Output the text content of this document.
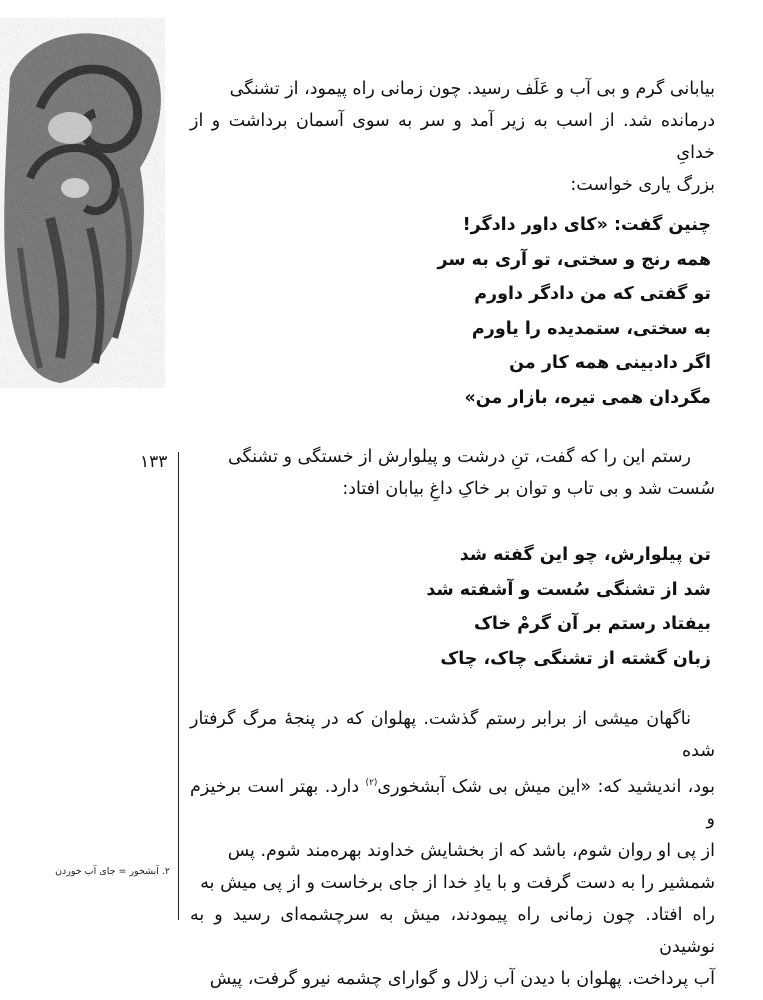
بیابانی گرم و بی آب و عَلَف رسید. چون زمانی راه پیمود، از تشنگی

درمانده شد. از اسب به زیر آمد و سر به سوی آسمان برداشت و از خدایِ

بزرگ یاری خواست:

چنین گفت: «کای داور دادگر!
همه رنج و سختی، تو آری به سر
تو گفتی که من دادگر داورم
به سختی، ستمدیده را یاورم
اگر دادبینی همه کار من
مگردان همی تیره، بازار من»
۱۳۳	رستم این را که گفت، تنِ درشت و پیلوارش از خستگی و تشنگی

سُست شد و بی تاب و توان بر خاکِ داغِ بیابان افتاد:

تن پیلوارش، چو این گفته شد
شد از تشنگی سُست و آشفته شد
بیفتاد رستم بر آن گرمْ خاک
زبان گشته از تشنگی چاک، چاک

ناگهان میشی از برابر رستم گذشت. پهلوان که در پنجهٔ مرگ گرفتار شده

بود، اندیشید که: «این میش بی شک آبشخوری$^{(۲)}$ دارد. بهتر است برخیزم و

از پی او روان شوم، باشد که از بخشایش خداوند بهره‌مند شوم. پس

شمشیر را به دست گرفت و با یادِ خدا از جای برخاست و از پی میش به

راه افتاد. چون زمانی راه پیمودند، میش به سرچشمه‌ای رسید و به نوشیدن

آب پرداخت. پهلوان با دیدن آب زلال و گوارای چشمه نیرو گرفت، پیش

۲. آبشخور = جای آب خوردن
